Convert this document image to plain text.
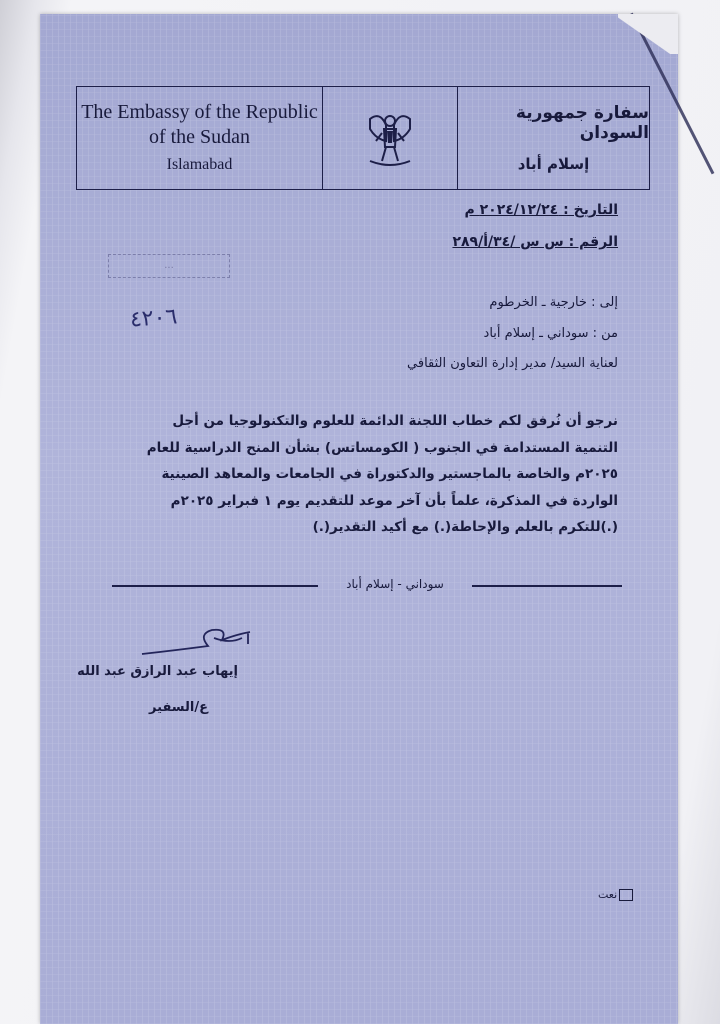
The Embassy of the Republic
of the Sudan
Islamabad
سفارة جمهورية السودان
إسلام أباد
التاريخ : ٢٠٢٤/١٢/٢٤ م
الرقم : س س /٣٤/أ/٢٨٩
...
٤٢٠٦
إلى : خارجية ـ الخرطوم
من : سوداني ـ إسلام أباد
لعناية السيد/ مدير إدارة التعاون الثقافي
نرجو أن نُرفق لكم خطاب اللجنة الدائمة للعلوم والتكنولوجيا من أجل
التنمية المستدامة في الجنوب ( الكومساتس) بشأن المنح الدراسية للعام
٢٠٢٥م والخاصة بالماجستير والدكتوراة في الجامعات والمعاهد الصينية
الواردة في المذكرة، علماً بأن آخر موعد للتقديم يوم ١ فبراير ٢٠٢٥م
(.)للتكرم بالعلم والإحاطة(.) مع أكيد التقدير(.)
سوداني - إسلام أباد
إيهاب عبد الرازق عبد الله
ع/السفير
نعت
